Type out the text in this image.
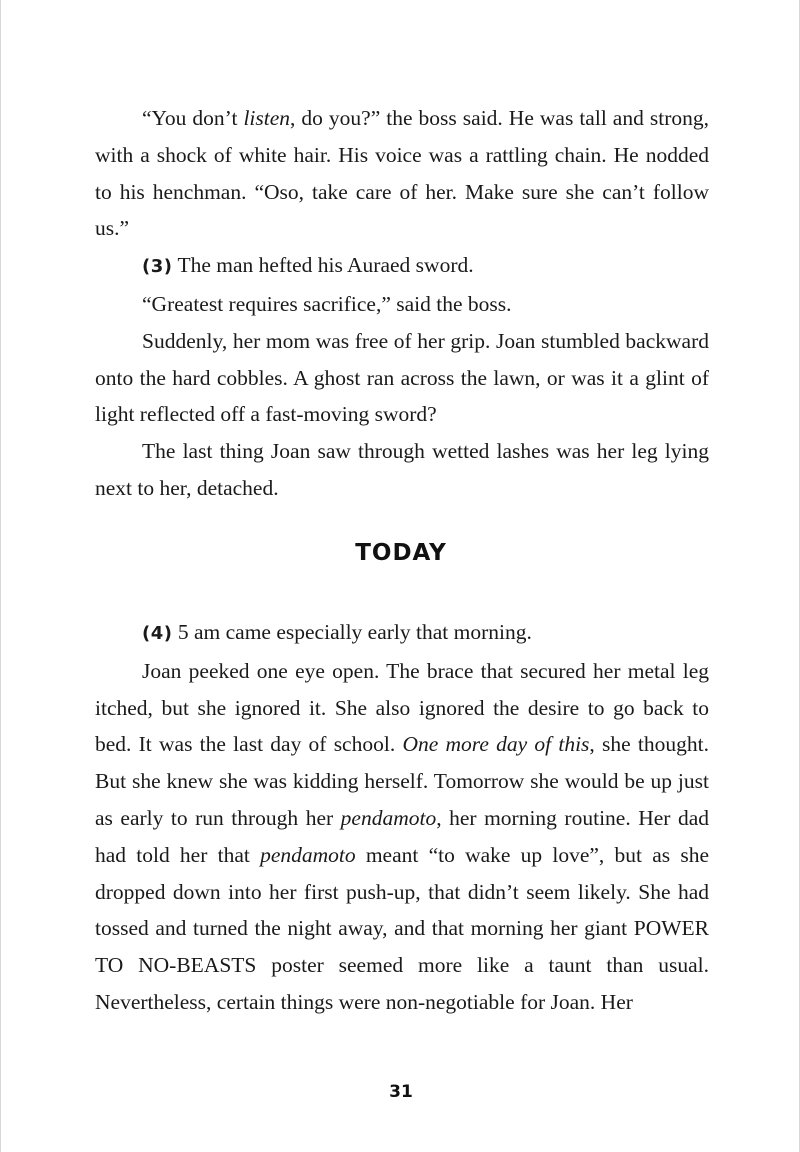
“You don’t listen, do you?” the boss said. He was tall and strong, with a shock of white hair. His voice was a rattling chain. He nodded to his henchman. “Oso, take care of her. Make sure she can’t follow us.”

(3) The man hefted his Auraed sword.

“Greatest requires sacrifice,” said the boss.

Suddenly, her mom was free of her grip. Joan stumbled backward onto the hard cobbles. A ghost ran across the lawn, or was it a glint of light reflected off a fast-moving sword?

The last thing Joan saw through wetted lashes was her leg lying next to her, detached.

TODAY

(4) 5 am came especially early that morning.

Joan peeked one eye open. The brace that secured her metal leg itched, but she ignored it. She also ignored the desire to go back to bed. It was the last day of school. One more day of this, she thought. But she knew she was kidding herself. Tomorrow she would be up just as early to run through her pendamoto, her morning routine. Her dad had told her that pendamoto meant “to wake up love”, but as she dropped down into her first push-up, that didn’t seem likely. She had tossed and turned the night away, and that morning her giant POWER TO NO-BEASTS poster seemed more like a taunt than usual. Nevertheless, certain things were non-negotiable for Joan. Her

31
